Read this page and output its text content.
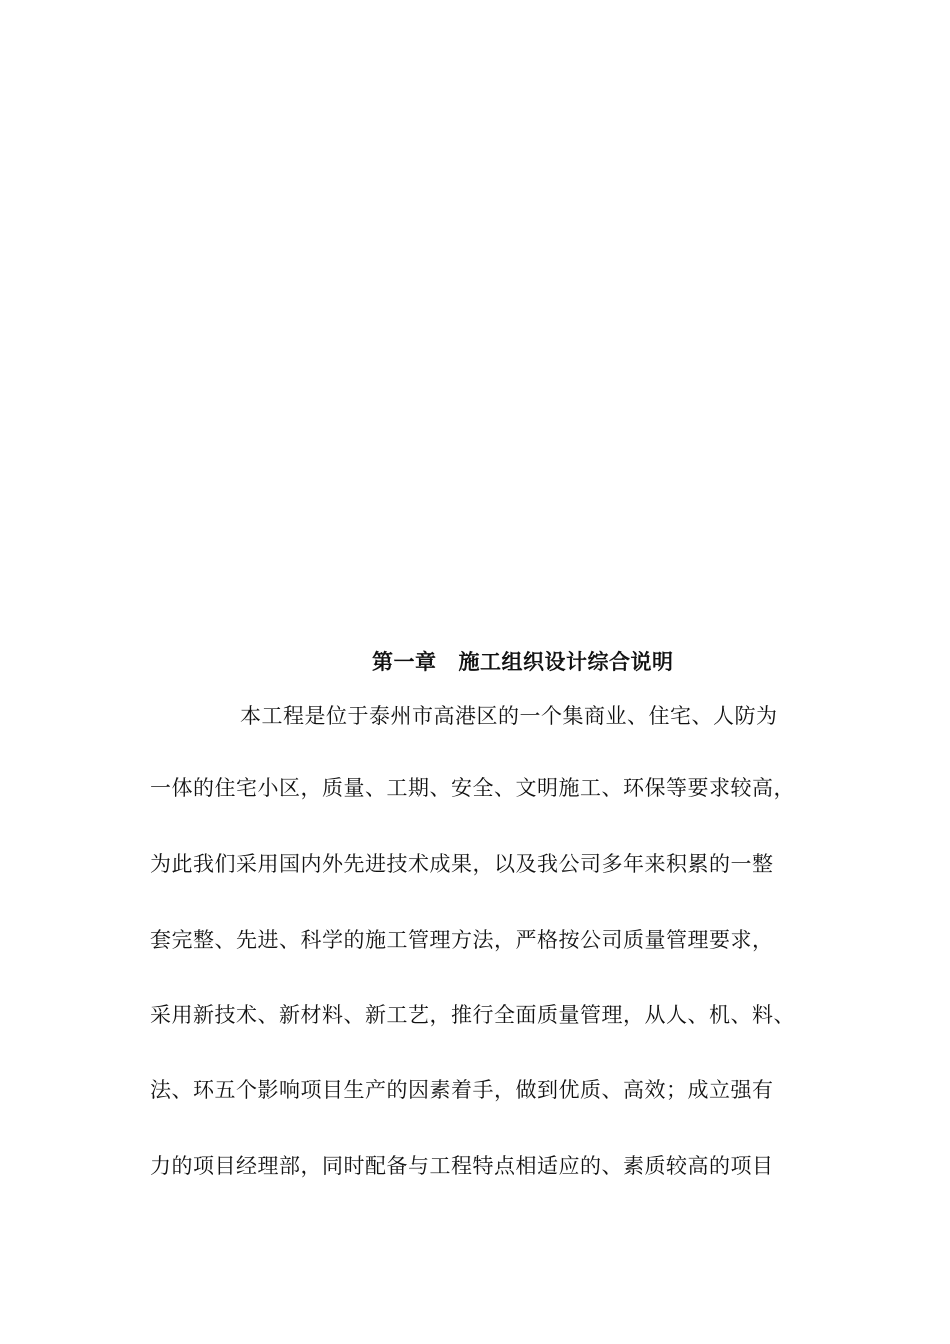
第一章 施工组织设计综合说明
本工程是位于泰州市高港区的一个集商业、住宅、人防为
一体的住宅小区，质量、工期、安全、文明施工、环保等要求较高，
为此我们采用国内外先进技术成果，以及我公司多年来积累的一整
套完整、先进、科学的施工管理方法，严格按公司质量管理要求，
采用新技术、新材料、新工艺，推行全面质量管理，从人、机、料、
法、环五个影响项目生产的因素着手，做到优质、高效；成立强有
力的项目经理部，同时配备与工程特点相适应的、素质较高的项目
